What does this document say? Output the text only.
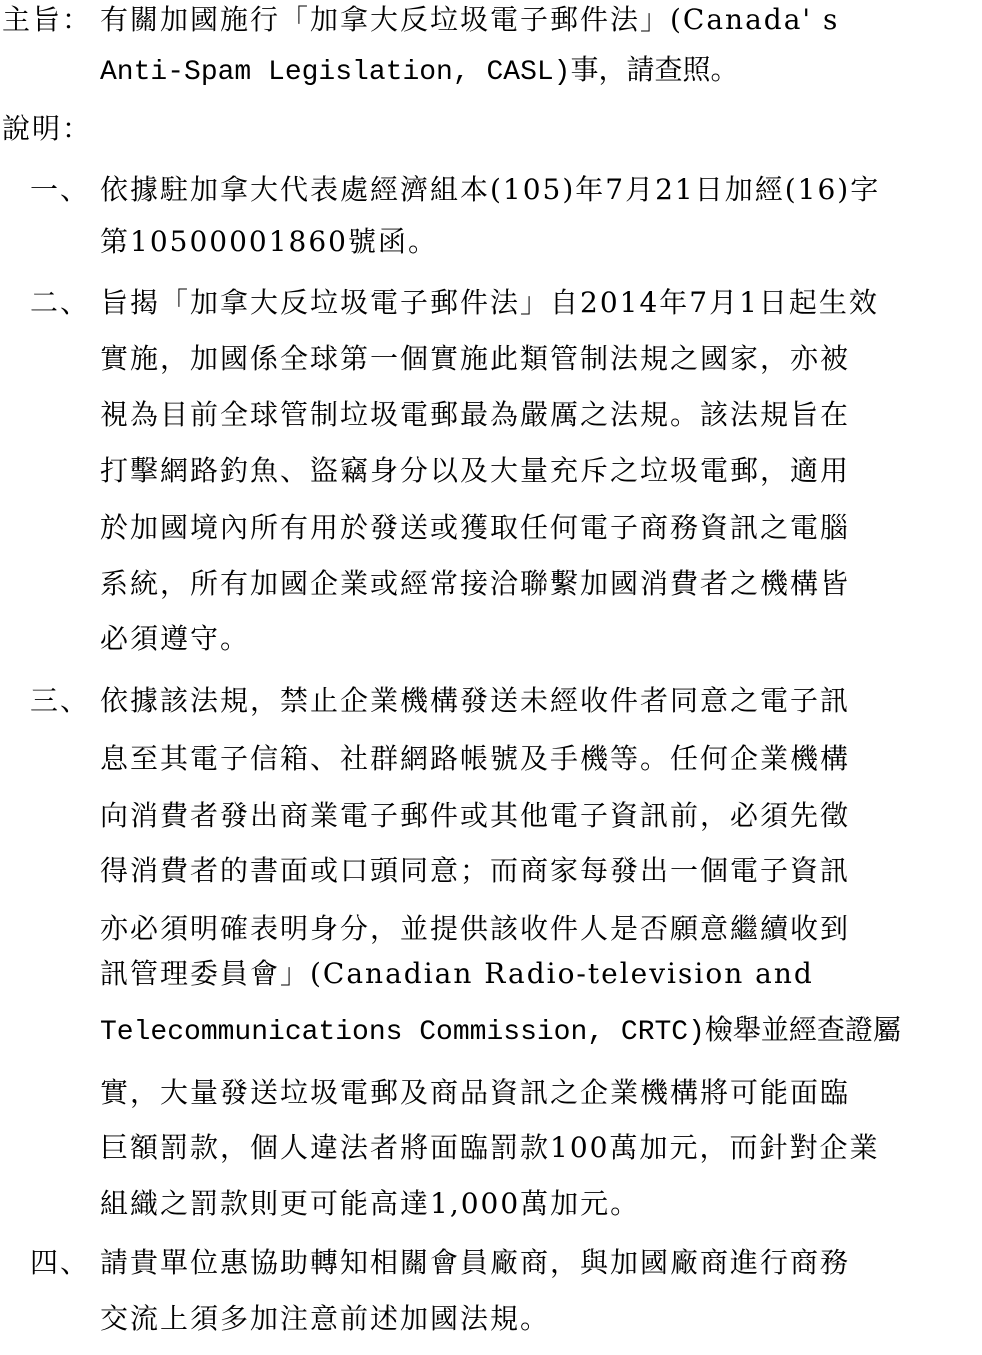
主旨： 有關加國施行「加拿大反垃圾電子郵件法」(Canada' s
Anti-Spam Legislation, CASL)事，請查照。
說明：
一、 依據駐加拿大代表處經濟組本(105)年7月21日加經(16)字
第10500001860號函。
二、 旨揭「加拿大反垃圾電子郵件法」自2014年7月1日起生效
實施，加國係全球第一個實施此類管制法規之國家，亦被
視為目前全球管制垃圾電郵最為嚴厲之法規。該法規旨在
打擊網路釣魚、盜竊身分以及大量充斥之垃圾電郵，適用
於加國境內所有用於發送或獲取任何電子商務資訊之電腦
系統，所有加國企業或經常接洽聯繫加國消費者之機構皆
必須遵守。
三、 依據該法規，禁止企業機構發送未經收件者同意之電子訊
息至其電子信箱、社群網路帳號及手機等。任何企業機構
向消費者發出商業電子郵件或其他電子資訊前，必須先徵
得消費者的書面或口頭同意；而商家每發出一個電子資訊
亦必須明確表明身分，並提供該收件人是否願意繼續收到
訊管理委員會」(Canadian Radio-television and
Telecommunications Commission, CRTC)檢舉並經查證屬
實，大量發送垃圾電郵及商品資訊之企業機構將可能面臨
巨額罰款，個人違法者將面臨罰款100萬加元，而針對企業
組織之罰款則更可能高達1,000萬加元。
四、 請貴單位惠協助轉知相關會員廠商，與加國廠商進行商務
交流上須多加注意前述加國法規。
